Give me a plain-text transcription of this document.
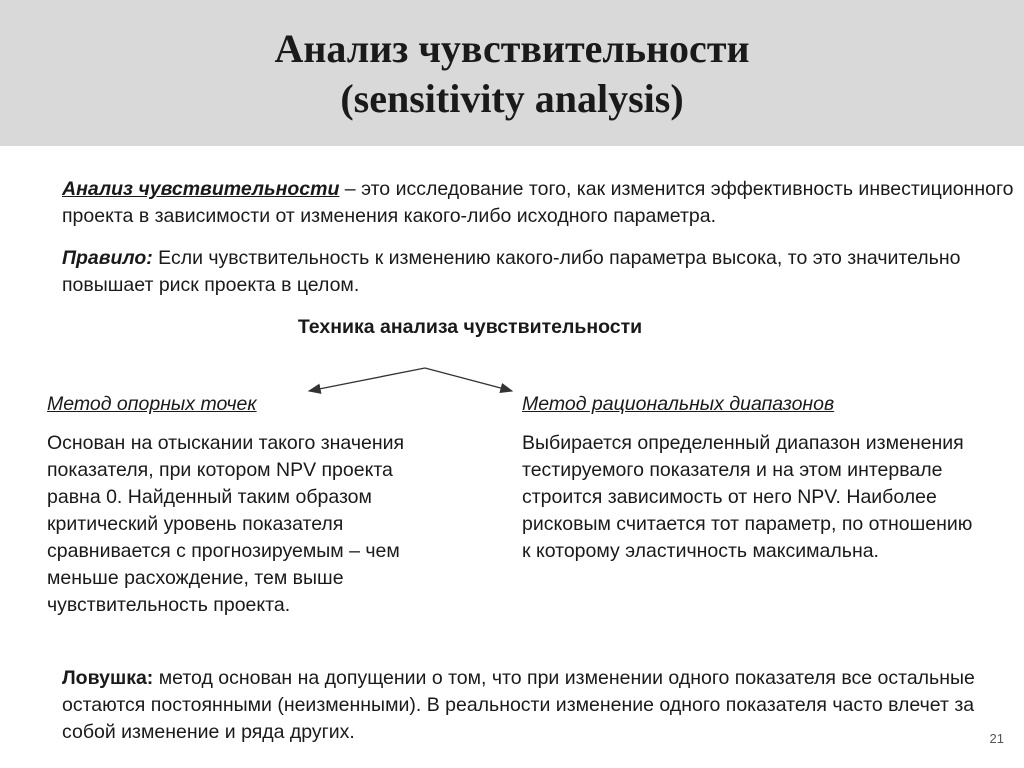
Анализ чувствительности
(sensitivity analysis)

Анализ чувствительности – это исследование того, как изменится эффективность инвестиционного проекта в зависимости от изменения какого-либо исходного параметра.

Правило: Если чувствительность к изменению какого-либо параметра высока, то это значительно повышает риск проекта в целом.

Техника анализа чувствительности
Метод опорных точек
Основан на отыскании такого значения показателя, при котором NPV проекта равна 0. Найденный таким образом критический уровень показателя сравнивается с прогнозируемым – чем меньше расхождение, тем выше чувствительность проекта.
Метод рациональных диапазонов
Выбирается определенный диапазон изменения тестируемого показателя и на этом интервале строится зависимость от него NPV. Наиболее рисковым считается тот параметр, по отношению к которому эластичность максимальна.

Ловушка: метод основан на допущении о том, что при изменении одного показателя все остальные остаются постоянными (неизменными). В реальности изменение одного показателя часто влечет за собой изменение и ряда других.	21
